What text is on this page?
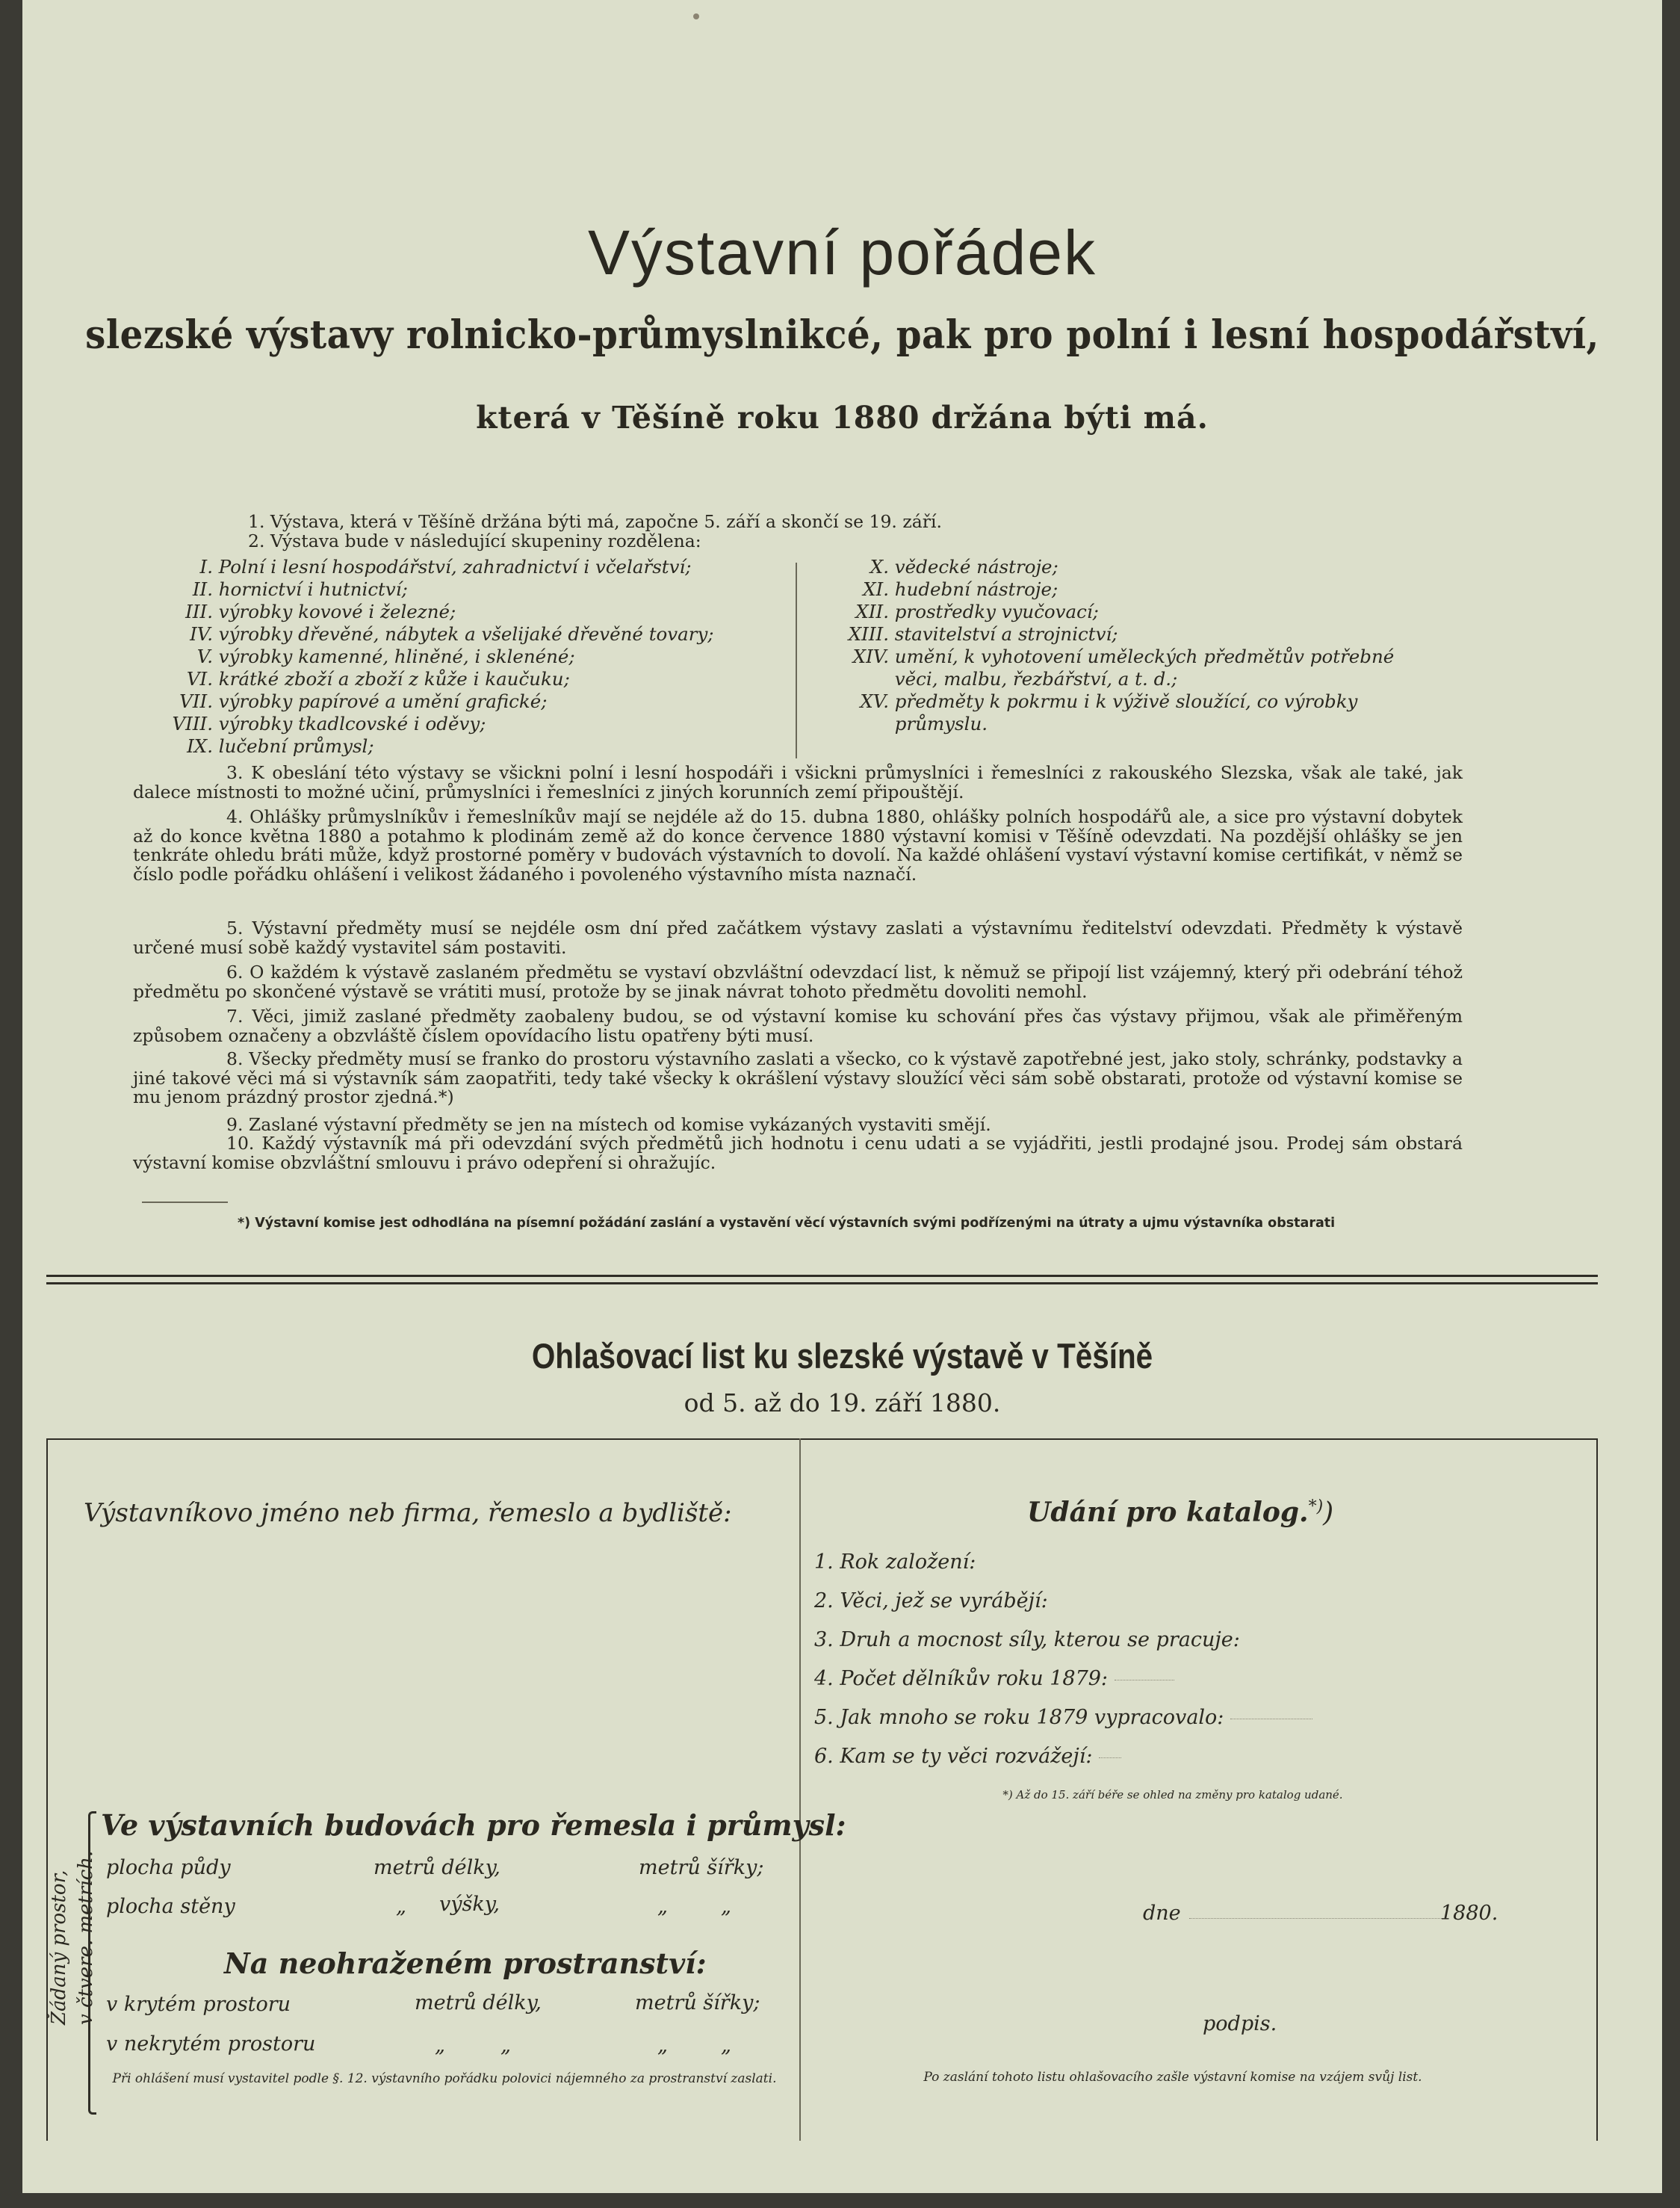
Výstavní pořádek
slezské výstavy rolnicko-průmyslnikcé, pak pro polní i lesní hospodářství,
která v Těšíně roku 1880 držána býti má.
1. Výstava, která v Těšíně držána býti má, započne 5. září a skončí se 19. září.
2. Výstava bude v následující skupeniny rozdělena:
I. Polní i lesní hospodářství, zahradnictví i včelařství;
II. hornictví i hutnictví;
III. výrobky kovové i železné;
IV. výrobky dřevěné, nábytek a všelijaké dřevěné tovary;
V. výrobky kamenné, hliněné, i sklenéné;
VI. krátké zboží a zboží z kůže i kaučuku;
VII. výrobky papírové a umění grafické;
VIII. výrobky tkadlcovské i oděvy;
IX. lučební průmysl;
X. vědecké nástroje;
XI. hudební nástroje;
XII. prostředky vyučovací;
XIII. stavitelství a strojnictví;
XIV. umění, k vyhotovení uměleckých předmětův potřebné
věci, malbu, řezbářství, a t. d.;
XV. předměty k pokrmu i k výživě sloužící, co výrobky
průmyslu.
3. K obeslání této výstavy se všickni polní i lesní hospodáři i všickni průmyslníci i řemeslníci z rakouského Slezska, však ale také, jak dalece místnosti to možné učiní, průmyslníci i řemeslníci z jiných korunních zemí připouštějí.
4. Ohlášky průmyslníkův i řemeslníkův mají se nejdéle až do 15. dubna 1880, ohlášky polních hospodářů ale, a sice pro výstavní dobytek až do konce května 1880 a potahmo k plodinám země až do konce července 1880 výstavní komisi v Těšíně odevzdati. Na pozdější ohlášky se jen tenkráte ohledu bráti může, když prostorné poměry v budovách výstavních to dovolí. Na každé ohlášení vystaví výstavní komise certifikát, v němž se číslo podle pořádku ohlášení i velikost žádaného i povoleného výstavního místa naznačí.
5. Výstavní předměty musí se nejdéle osm dní před začátkem výstavy zaslati a výstavnímu ředitelství odevzdati. Předměty k výstavě určené musí sobě každý vystavitel sám postaviti.
6. O každém k výstavě zaslaném předmětu se vystaví obzvláštní odevzdací list, k němuž se připojí list vzájemný, který při odebrání téhož předmětu po skončené výstavě se vrátiti musí, protože by se jinak návrat tohoto předmětu dovoliti nemohl.
7. Věci, jimiž zaslané předměty zaobaleny budou, se od výstavní komise ku schování přes čas výstavy přijmou, však ale přiměřeným způsobem označeny a obzvláště číslem opovídacího listu opatřeny býti musí.
8. Všecky předměty musí se franko do prostoru výstavního zaslati a všecko, co k výstavě zapotřebné jest, jako stoly, schránky, podstavky a jiné takové věci má si výstavník sám zaopatřiti, tedy také všecky k okrášlení výstavy sloužící věci sám sobě obstarati, protože od výstavní komise se mu jenom prázdný prostor zjedná.*)
9. Zaslané výstavní předměty se jen na místech od komise vykázaných vystaviti smějí.
10. Každý výstavník má při odevzdání svých předmětů jich hodnotu i cenu udati a se vyjádřiti, jestli prodajné jsou. Prodej sám obstará výstavní komise obzvláštní smlouvu i právo odepření si ohražujíc.
*) Výstavní komise jest odhodlána na písemní požádání zaslání a vystavění věcí výstavních svými podřízenými na útraty a ujmu výstavníka obstarati
Ohlašovací list ku slezské výstavě v Těšíně
od 5. až do 19. září 1880.
Výstavníkovo jméno neb firma, řemeslo a bydliště:	Udání pro katalog.*))
1. Rok založení:
2. Věci, jež se vyrábějí:
3. Druh a mocnost síly, kterou se pracuje:
4. Počet dělníkův roku 1879:
5. Jak mnoho se roku 1879 vypracovalo:
6. Kam se ty věci rozvážejí:
*) Až do 15. září béře se ohled na změny pro katalog udané.
Žádaný prostor, v čtvere. metrích.
Ve výstavních budovách pro řemesla i průmysl:
plocha půdy	metrů délky,	metrů šířky;
plocha stěny	„ výšky,	„	„
Na neohraženém prostranství:
v krytém prostoru	metrů délky,	metrů šířky;
v nekrytém prostoru	„	„	„	„
Při ohlášení musí vystavitel podle §. 12. výstavního pořádku polovici nájemného za prostranství zaslati.
dne	1880.
podpis.
Po zaslání tohoto listu ohlašovacího zašle výstavní komise na vzájem svůj list.
